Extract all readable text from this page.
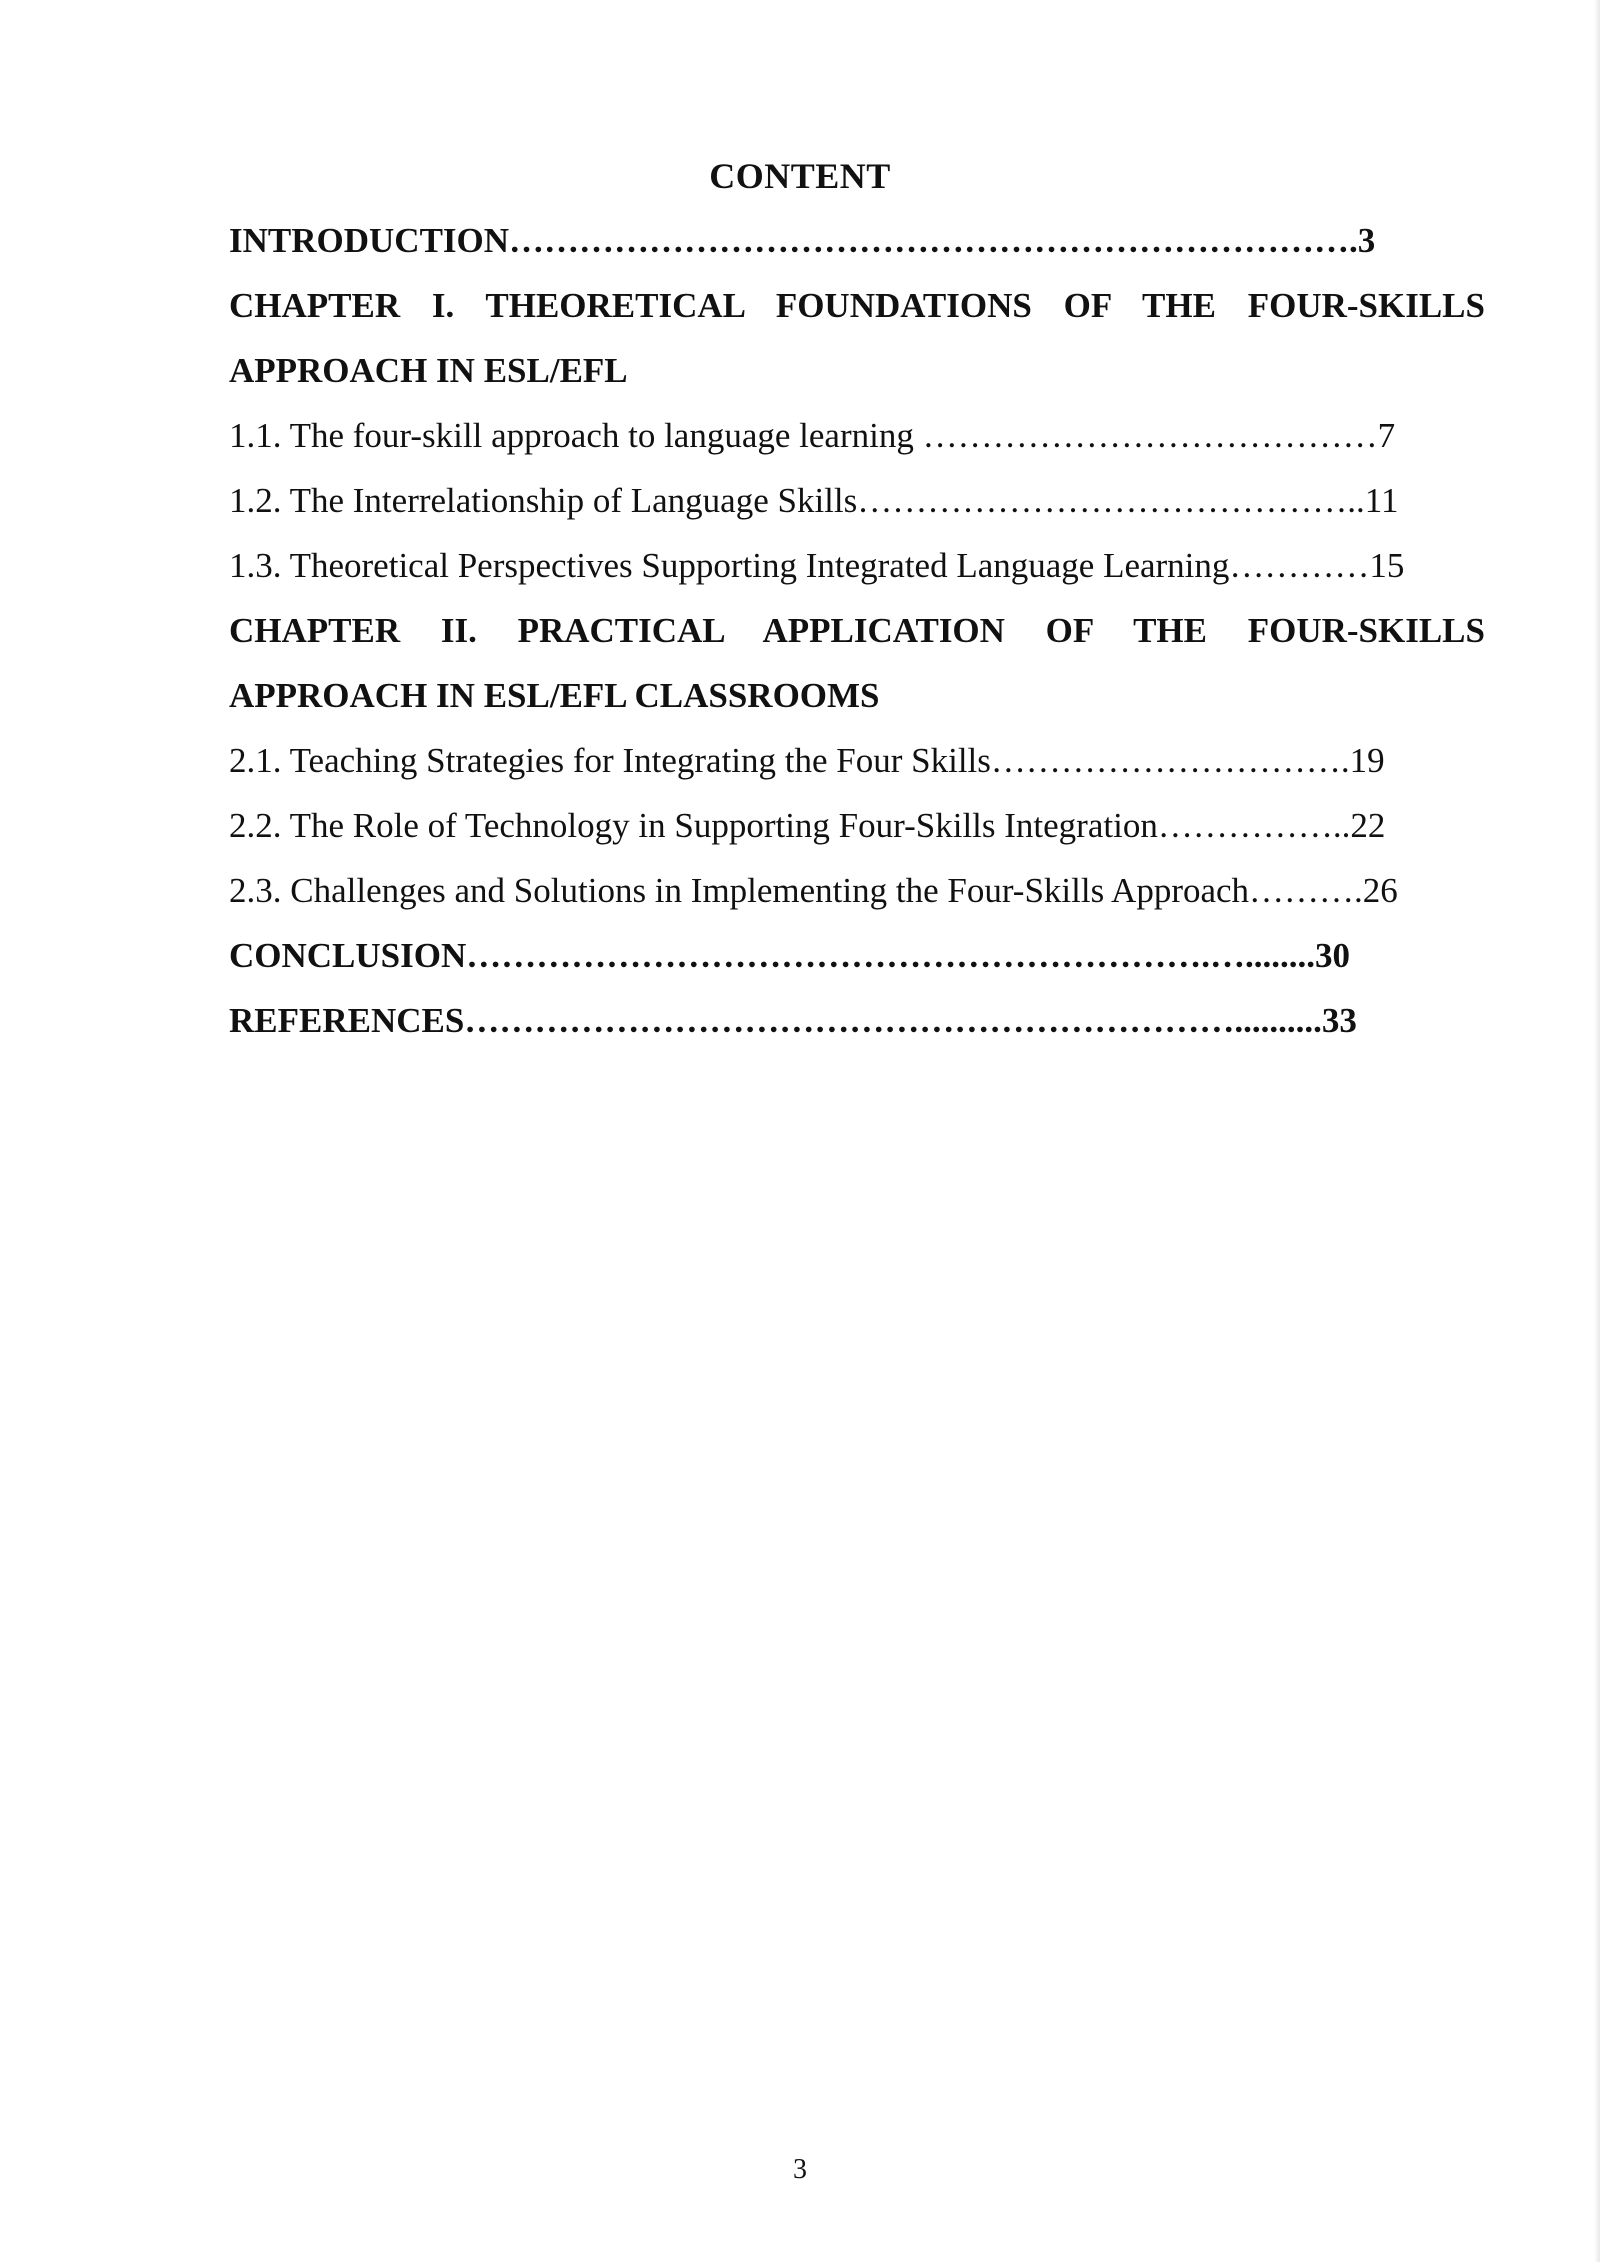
CONTENT
INTRODUCTION……………………………………………………………….3
CHAPTER I. THEORETICAL FOUNDATIONS OF THE FOUR-SKILLS
APPROACH IN ESL/EFL
1.1. The four-skill approach to language learning …………………………………7
1.2. The Interrelationship of Language Skills……………………………………..11
1.3. Theoretical Perspectives Supporting Integrated Language Learning…………15
CHAPTER II. PRACTICAL APPLICATION OF THE FOUR-SKILLS
APPROACH IN ESL/EFL CLASSROOMS
2.1. Teaching Strategies for Integrating the Four Skills………………………….19
2.2. The Role of Technology in Supporting Four-Skills Integration……………..22
2.3. Challenges and Solutions in Implementing the Four-Skills Approach……….26
CONCLUSION……………………………………………………….…........30
REFERENCES…………………………………………………………..........33
3
